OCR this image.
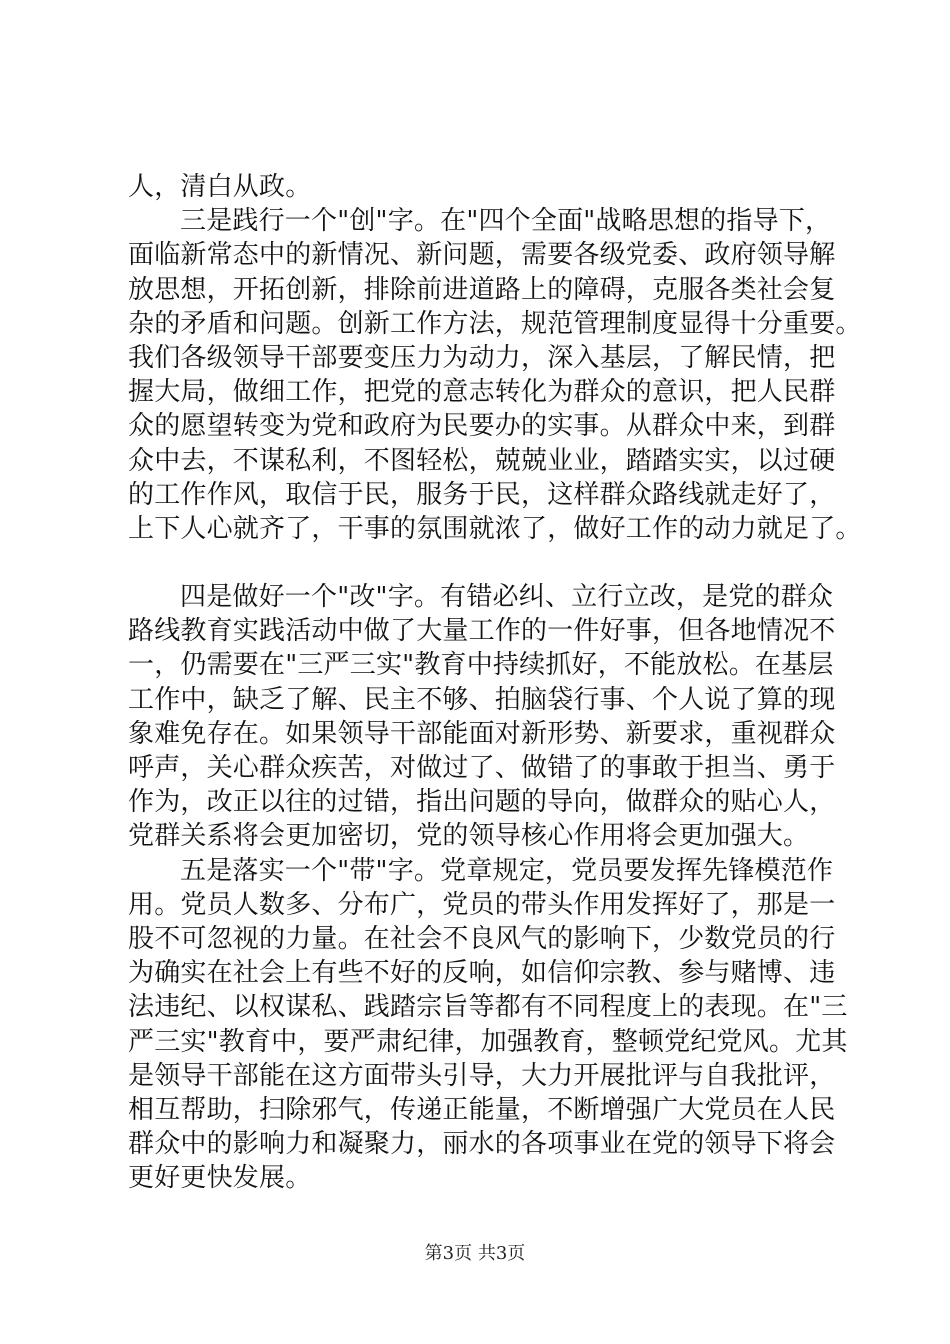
人，清白从政。
三是践行一个"创"字。在"四个全面"战略思想的指导下，
面临新常态中的新情况、新问题，需要各级党委、政府领导解
放思想，开拓创新，排除前进道路上的障碍，克服各类社会复
杂的矛盾和问题。创新工作方法，规范管理制度显得十分重要。
我们各级领导干部要变压力为动力，深入基层，了解民情，把
握大局，做细工作，把党的意志转化为群众的意识，把人民群
众的愿望转变为党和政府为民要办的实事。从群众中来，到群
众中去，不谋私利，不图轻松，兢兢业业，踏踏实实，以过硬
的工作作风，取信于民，服务于民，这样群众路线就走好了，
上下人心就齐了，干事的氛围就浓了，做好工作的动力就足了。
四是做好一个"改"字。有错必纠、立行立改，是党的群众
路线教育实践活动中做了大量工作的一件好事，但各地情况不
一，仍需要在"三严三实"教育中持续抓好，不能放松。在基层
工作中，缺乏了解、民主不够、拍脑袋行事、个人说了算的现
象难免存在。如果领导干部能面对新形势、新要求，重视群众
呼声，关心群众疾苦，对做过了、做错了的事敢于担当、勇于
作为，改正以往的过错，指出问题的导向，做群众的贴心人，
党群关系将会更加密切，党的领导核心作用将会更加强大。
五是落实一个"带"字。党章规定，党员要发挥先锋模范作
用。党员人数多、分布广，党员的带头作用发挥好了，那是一
股不可忽视的力量。在社会不良风气的影响下，少数党员的行
为确实在社会上有些不好的反响，如信仰宗教、参与赌博、违
法违纪、以权谋私、践踏宗旨等都有不同程度上的表现。在"三
严三实"教育中，要严肃纪律，加强教育，整顿党纪党风。尤其
是领导干部能在这方面带头引导，大力开展批评与自我批评，
相互帮助，扫除邪气，传递正能量，不断增强广大党员在人民
群众中的影响力和凝聚力，丽水的各项事业在党的领导下将会
更好更快发展。
第3页 共3页
